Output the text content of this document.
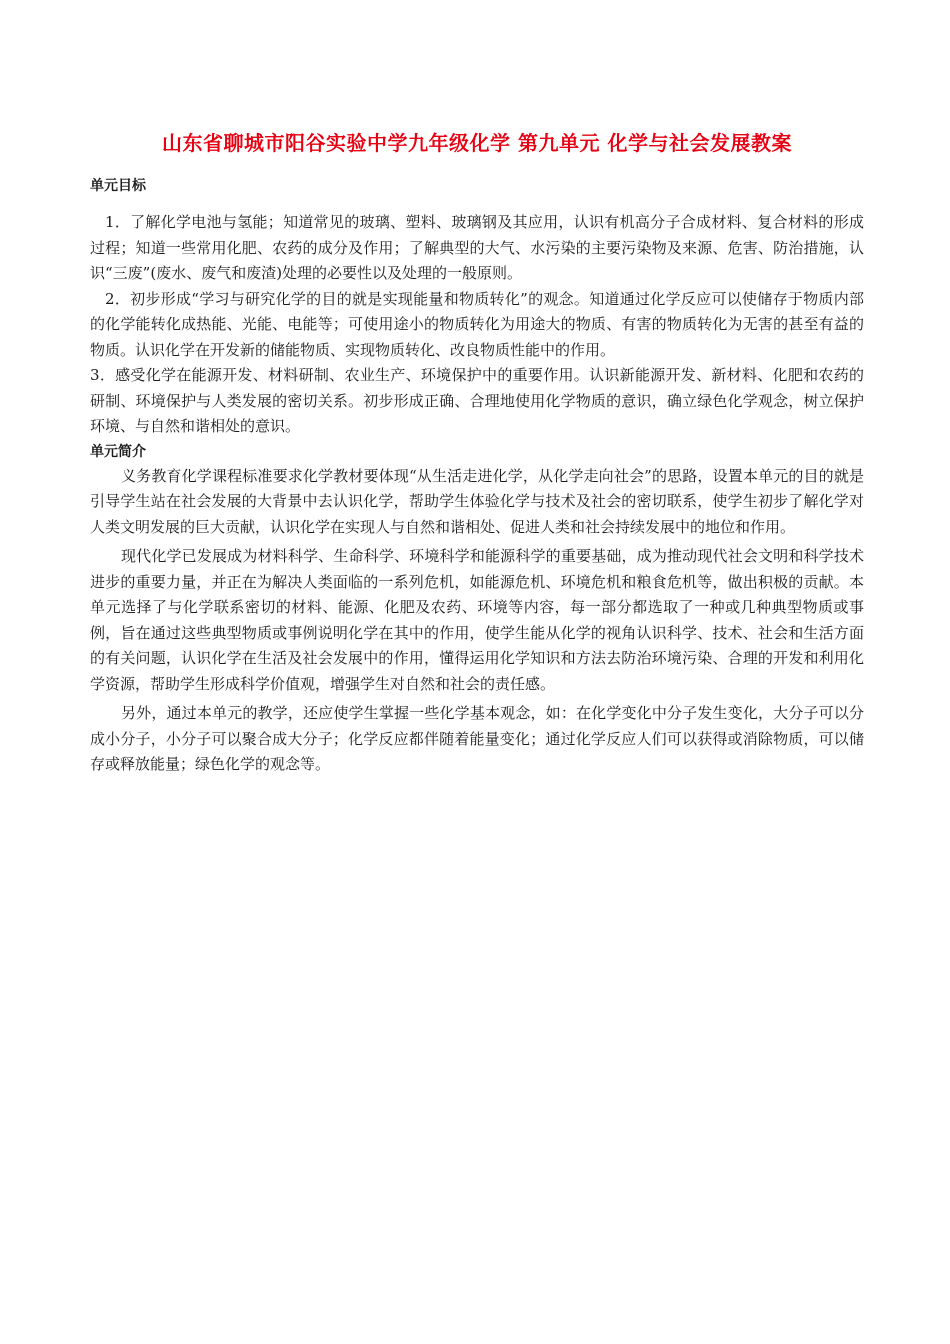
山东省聊城市阳谷实验中学九年级化学 第九单元 化学与社会发展教案
单元目标

1．了解化学电池与氢能；知道常见的玻璃、塑料、玻璃钢及其应用，认识有机高分子合成材料、复合材料的形成过程；知道一些常用化肥、农药的成分及作用；了解典型的大气、水污染的主要污染物及来源、危害、防治措施，认识“三废”(废水、废气和废渣)处理的必要性以及处理的一般原则。

2．初步形成“学习与研究化学的目的就是实现能量和物质转化”的观念。知道通过化学反应可以使储存于物质内部的化学能转化成热能、光能、电能等；可使用途小的物质转化为用途大的物质、有害的物质转化为无害的甚至有益的物质。认识化学在开发新的储能物质、实现物质转化、改良物质性能中的作用。

3．感受化学在能源开发、材料研制、农业生产、环境保护中的重要作用。认识新能源开发、新材料、化肥和农药的研制、环境保护与人类发展的密切关系。初步形成正确、合理地使用化学物质的意识，确立绿色化学观念，树立保护环境、与自然和谐相处的意识。

单元简介

义务教育化学课程标准要求化学教材要体现“从生活走进化学，从化学走向社会”的思路，设置本单元的目的就是引导学生站在社会发展的大背景中去认识化学，帮助学生体验化学与技术及社会的密切联系，使学生初步了解化学对人类文明发展的巨大贡献，认识化学在实现人与自然和谐相处、促进人类和社会持续发展中的地位和作用。

现代化学已发展成为材料科学、生命科学、环境科学和能源科学的重要基础，成为推动现代社会文明和科学技术进步的重要力量，并正在为解决人类面临的一系列危机，如能源危机、环境危机和粮食危机等，做出积极的贡献。本单元选择了与化学联系密切的材料、能源、化肥及农药、环境等内容，每一部分都选取了一种或几种典型物质或事例，旨在通过这些典型物质或事例说明化学在其中的作用，使学生能从化学的视角认识科学、技术、社会和生活方面的有关问题，认识化学在生活及社会发展中的作用，懂得运用化学知识和方法去防治环境污染、合理的开发和利用化学资源，帮助学生形成科学价值观，增强学生对自然和社会的责任感。

另外，通过本单元的教学，还应使学生掌握一些化学基本观念，如：在化学变化中分子发生变化，大分子可以分成小分子，小分子可以聚合成大分子；化学反应都伴随着能量变化；通过化学反应人们可以获得或消除物质，可以储存或释放能量；绿色化学的观念等。
